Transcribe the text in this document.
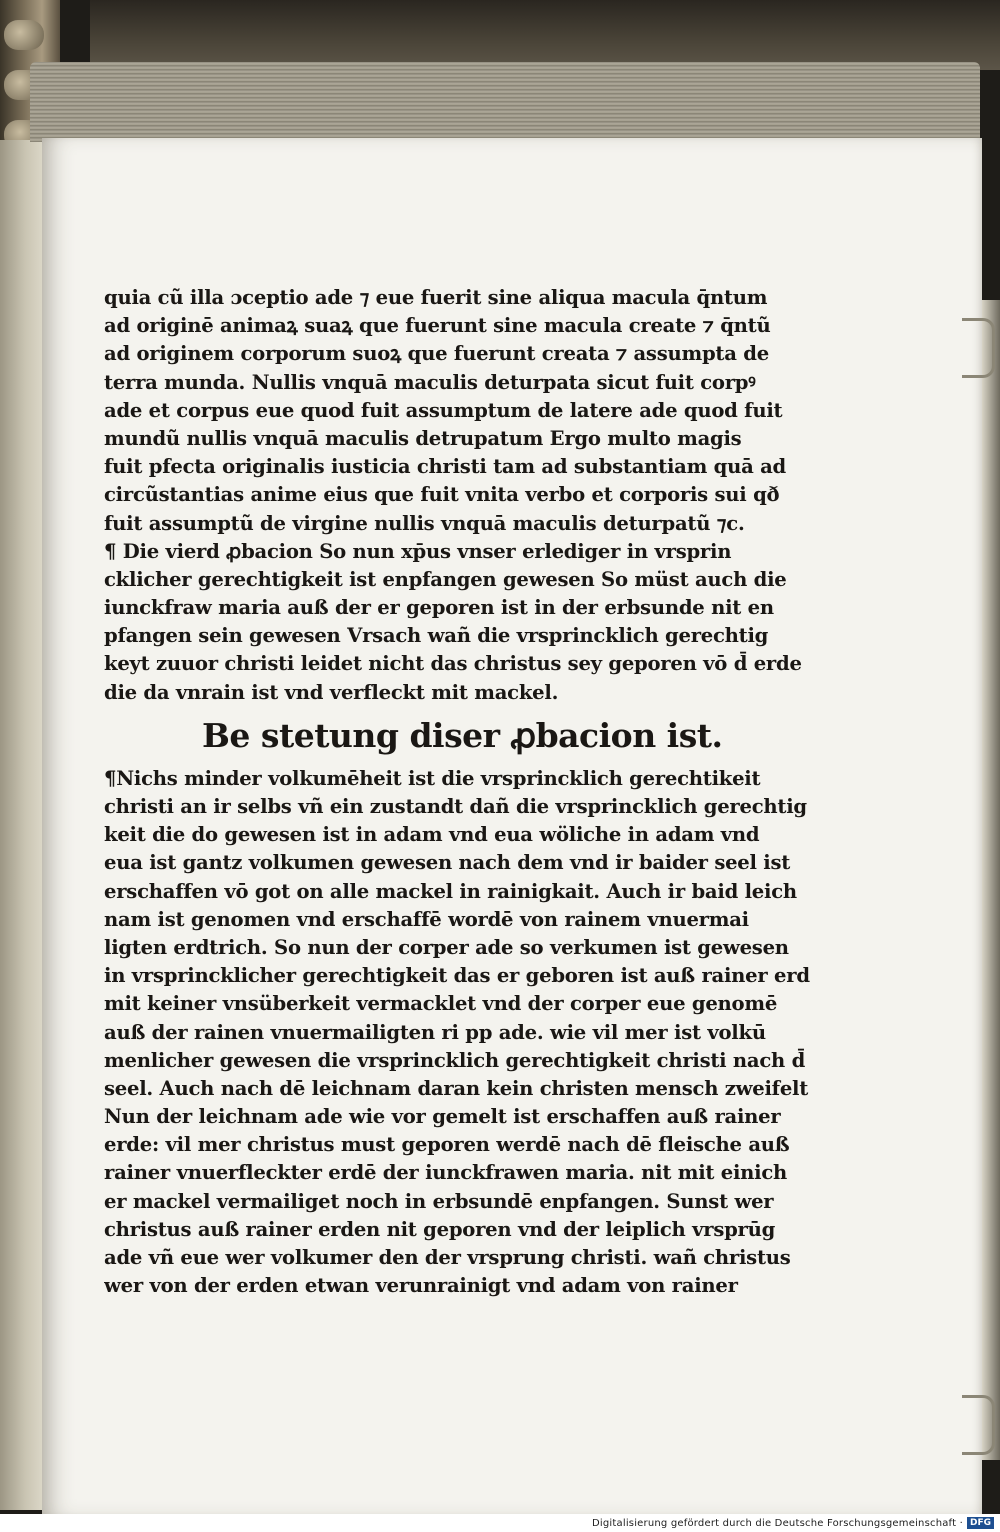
quia cũ illa ɔceptio ade ⁊ eue fuerit sine aliqua macula q̄ntum
ad originē animaꝝ suaꝝ que fuerunt sine macula create ⁊ q̄ntũ
ad originem corporum suoꝝ que fuerunt creata ⁊ assumpta de
terra munda. Nullis vnquā maculis deturpata sicut fuit corpꝰ
ade et corpus eue quod fuit assumptum de latere ade quod fuit
mundũ nullis vnquā maculis detrupatum Ergo multo magis
fuit pfecta originalis iusticia christi tam ad substantiam quā ad
circũstantias anime eius que fuit vnita verbo et corporis sui qð
fuit assumptũ de virgine nullis vnquā maculis deturpatũ ⁊c.
¶ Die vierd ꝓbacion So nun xp̄us vnser erlediger in vrsprin
cklicher gerechtigkeit ist enpfangen gewesen So müst auch die
iunckfraw maria auß der er geporen ist in der erbsunde nit en
pfangen sein gewesen Vrsach wañ die vrsprincklich gerechtig
keyt zuuor christi leidet nicht das christus sey geporen vō d̄ erde
die da vnrain ist vnd verfleckt mit mackel.
Be stetung diser ꝓbacion ist.
¶Nichs minder volkumēheit ist die vrsprincklich gerechtikeit
christi an ir selbs vñ ein zustandt dañ die vrsprincklich gerechtig
keit die do gewesen ist in adam vnd eua wöliche in adam vnd
eua ist gantz volkumen gewesen nach dem vnd ir baider seel ist
erschaffen vō got on alle mackel in rainigkait. Auch ir baid leich
nam ist genomen vnd erschaffē wordē von rainem vnuermai
ligten erdtrich. So nun der corper ade so verkumen ist gewesen
in vrsprincklicher gerechtigkeit das er geboren ist auß rainer erd
mit keiner vnsüberkeit vermacklet vnd der corper eue genomē
auß der rainen vnuermailigten ri pp ade. wie vil mer ist volkū
menlicher gewesen die vrsprincklich gerechtigkeit christi nach d̄
seel. Auch nach dē leichnam daran kein christen mensch zweifelt
Nun der leichnam ade wie vor gemelt ist erschaffen auß rainer
erde: vil mer christus must geporen werdē nach dē fleische auß
rainer vnuerfleckter erdē der iunckfrawen maria. nit mit einich
er mackel vermailiget noch in erbsundē enpfangen. Sunst wer
christus auß rainer erden nit geporen vnd der leiplich vrsprūg
ade vñ eue wer volkumer den der vrsprung christi. wañ christus
wer von der erden etwan verunrainigt vnd adam von rainer
Digitalisierung gefördert durch die Deutsche Forschungsgemeinschaft · DFG
